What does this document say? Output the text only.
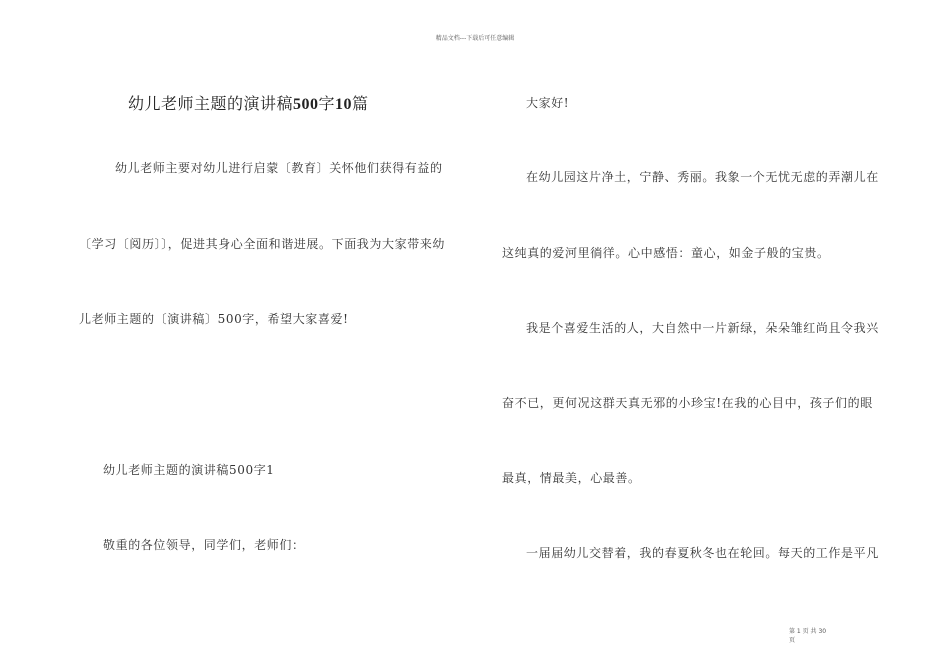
精品文档---下载后可任意编辑
幼儿老师主题的演讲稿500字10篇
幼儿老师主要对幼儿进行启蒙〔教育〕关怀他们获得有益的
〔学习〔阅历〕〕，促进其身心全面和谐进展。下面我为大家带来幼
儿老师主题的〔演讲稿〕500字，希望大家喜爱!
幼儿老师主题的演讲稿500字1
敬重的各位领导，同学们，老师们：
大家好!
在幼儿园这片净土，宁静、秀丽。我象一个无忧无虑的弄潮儿在
这纯真的爱河里徜徉。心中感悟：童心，如金子般的宝贵。
我是个喜爱生活的人，大自然中一片新绿，朵朵雏红尚且令我兴
奋不已，更何况这群天真无邪的小珍宝!在我的心目中，孩子们的眼
最真，情最美，心最善。
一届届幼儿交替着，我的春夏秋冬也在轮回。每天的工作是平凡
第 1 页 共 30
页
